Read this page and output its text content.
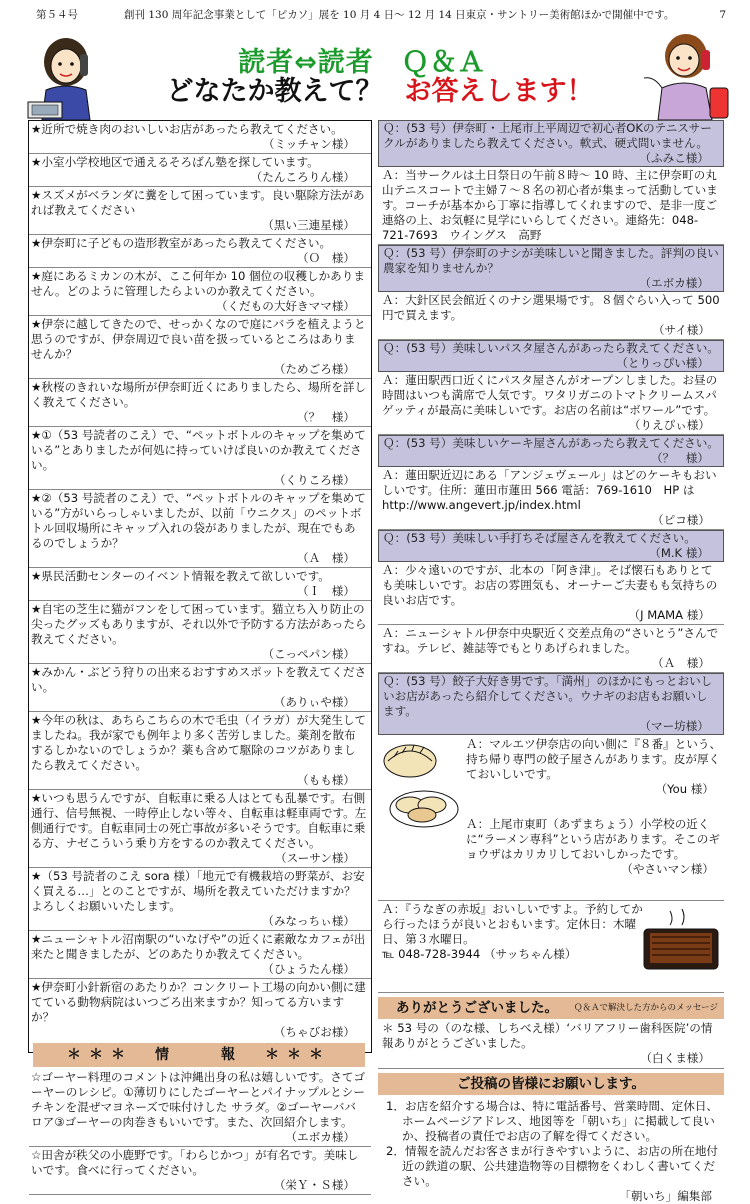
第５４号	創刊 130 周年記念事業として「ピカソ」展を 10 月 4 日～ 12 月 14 日東京・サントリー美術館ほかで開催中です。	7
読者⇔読者　Ｑ＆Ａ
どなたか教えて？ お答えします！
★近所で焼き肉のおいしいお店があったら教えてください。
（ミッチャン様）
★小室小学校地区で通えるそろばん塾を探しています。
（たんころりん様）
★スズメがベランダに糞をして困っています。良い駆除方法があれば教えてください
（黒い三連星様）
★伊奈町に子どもの造形教室があったら教えてください。
（Ｏ　様）
★庭にあるミカンの木が、ここ何年か 10 個位の収穫しかありません。どのように管理したらよいのか教えてください。
（くだもの大好きママ様）
★伊奈に越してきたので、せっかくなので庭にバラを植えようと思うのですが、伊奈周辺で良い苗を扱っているところはありませんか？
（ためごろ様）
★秋桜のきれいな場所が伊奈町近くにありましたら、場所を詳しく教えてください。
（？　様）
★①（53 号読者のこえ）で、“ペットボトルのキャップを集めている”とありましたが何処に持っていけば良いのか教えてください。
（くりころ様）
★②（53 号読者のこえ）で、“ペットボトルのキャップを集めている”方がいらっしゃいましたが、以前「ウニクス」のペットボトル回収場所にキャップ入れの袋がありましたが、現在でもあるのでしょうか？
（Ａ　様）
★県民活動センターのイベント情報を教えて欲しいです。
（Ｉ　様）
★自宅の芝生に猫がフンをして困っています。猫立ち入り防止の尖ったグッズもありますが、それ以外で予防する方法があったら教えてください。
（こっぺパン様）
★みかん・ぶどう狩りの出来るおすすめスポットを教えてください。
（ありぃや様）
★今年の秋は、あちらこちらの木で毛虫（イラガ）が大発生してましたね。我が家でも例年より多く苦労しました。薬剤を散布するしかないのでしょうか？薬も含めて駆除のコツがありましたら教えてください。
（もも様）
★いつも思うんですが、自転車に乗る人はとても乱暴です。右側通行、信号無視、一時停止しない等々、自転車は軽車両です。左側通行です。自転車同士の死亡事故が多いそうです。自転車に乗る方、ナゼこういう乗り方をするのか教えてください。
（スーサン様）
★（53 号読者のこえ sora 様）「地元で有機栽培の野菜が、お安く買える…」とのことですが、場所を教えていただけますか？　よろしくお願いいたします。
（みなっちぃ様）
★ニューシャトル沼南駅の“いなげや”の近くに素敵なカフェが出来たと聞きましたが、どのあたりか教えてください。
（ひょうたん様）
★伊奈町小針新宿のあたりか？コンクリート工場の向かい側に建てている動物病院はいつごろ出来ますか？知ってる方いますか？
（ちゃびお様）
＊＊＊　情　　報　＊＊＊
☆ゴーヤー料理のコメントは沖縄出身の私は嬉しいです。さてゴーヤーのレシピ。①薄切りにしたゴーヤーとパイナップルとシーチキンを混ぜマヨネーズで味付けした サラダ。②ゴーヤーババロア③ゴーヤーの肉巻きもいいです。また、次回紹介します。
（エボカ様）
☆田舎が秩父の小鹿野です。「わらじかつ」が有名です。美味しいです。食べに行ってください。
（栄Ｙ・Ｓ様）
Ｑ：(53 号）伊奈町・上尾市上平周辺で初心者OKのテニスサークルがありましたら教えてください。軟式、硬式問いません。
（ふみこ様）
Ａ：当サークルは土日祭日の午前８時～ 10 時、主に伊奈町の丸山テニスコートで主婦７～８名の初心者が集まって活動しています。コーチが基本から丁寧に指導してくれますので、是非一度ご連絡の上、お気軽に見学にいらしてください。連絡先：048-721-7693　ウイングス　高野
Ｑ：(53 号）伊奈町のナシが美味しいと聞きました。評判の良い農家を知りませんか？
（エボカ様）
Ａ：大針区民会館近くのナシ選果場です。８個ぐらい入って 500 円で買えます。
（サイ様）
Ｑ：(53 号）美味しいパスタ屋さんがあったら教えてください。
（とりっぴい様）
Ａ：蓮田駅西口近くにパスタ屋さんがオープンしました。お昼の時間はいつも満席で人気です。ワタリガニのトマトクリームスパゲッティが最高に美味しいです。お店の名前は“ボワール”です。
（りえぴぃ様）
Ｑ：(53 号）美味しいケーキ屋さんがあったら教えてください。
（？　様）
Ａ：蓮田駅近辺にある「アンジェヴェール」はどのケーキもおいしいです。住所：蓮田市蓮田 566 電話：769-1610　HP は http://www.angevert.jp/index.html
（ピコ様）
Ｑ：(53 号）美味しい手打ちそば屋さんを教えてください。
（M.K 様）
Ａ：少々遠いのですが、北本の「阿き津」。そば懐石もありとても美味しいです。お店の雰囲気も、オーナーご夫妻もも気持ちの良いお店です。
（J MAMA 様）
Ａ：ニューシャトル伊奈中央駅近く交差点角の“さいとう”さんですね。テレビ、雑誌等でもとりあげられました。
（Ａ　様）
Ｑ：(53 号）餃子大好き男です。「満州」のほかにもっとおいしいお店があったら紹介してください。ウナギのお店もお願いします。
（マー坊様）
Ａ：マルエツ伊奈店の向い側に『８番』という、持ち帰り専門の餃子屋さんがあります。皮が厚くておいしいです。
（You 様）
Ａ：上尾市東町（あずまちょう）小学校の近くに“ラーメン専科”という店があります。そこのギョウザはカリカリしておいしかったです。
（やさいマン様）
Ａ：『うなぎの赤坂』おいしいですよ。予約してから行ったほうが良いとおもいます。定休日：木曜日、第３水曜日。
℡ 048-728-3944 （サッちゃん様）
ありがとうございました。 Ｑ＆Ａで解決した方からのメッセージ
＊ 53 号の（のな様、しちべえ様）‘バリアフリー歯科医院’の情報ありがとうございました。
（白くま様）
ご投稿の皆様にお願いします。
1．お店を紹介する場合は、特に電話番号、営業時間、定休日、ホームページアドレス、地図等を「朝いち」に掲載して良いか、投稿者の責任でお店の了解を得てください。
2．情報を読んだお客さまが行きやすいように、お店の所在地付近の鉄道の駅、公共建造物等の目標物をくわしく書いてください。
「朝いち」編集部
